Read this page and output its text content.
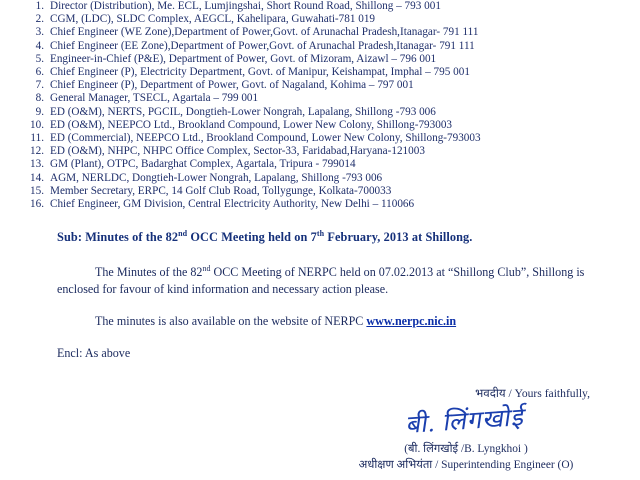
1. Director (Distribution), Me. ECL, Lumjingshai, Short Round Road, Shillong – 793 001
2. CGM, (LDC), SLDC Complex, AEGCL, Kahelipara, Guwahati-781 019
3. Chief Engineer (WE Zone),Department of Power,Govt. of Arunachal Pradesh,Itanagar- 791 111
4. Chief Engineer (EE Zone),Department of Power,Govt. of Arunachal Pradesh,Itanagar- 791 111
5. Engineer-in-Chief (P&E), Department of Power, Govt. of Mizoram, Aizawl – 796 001
6. Chief Engineer (P), Electricity Department, Govt. of Manipur, Keishampat, Imphal – 795 001
7. Chief Engineer (P), Department of Power, Govt. of Nagaland, Kohima – 797 001
8. General Manager, TSECL, Agartala – 799 001
9. ED (O&M), NERTS, PGCIL, Dongtieh-Lower Nongrah, Lapalang, Shillong -793 006
10. ED (O&M), NEEPCO Ltd., Brookland Compound, Lower New Colony, Shillong-793003
11. ED (Commercial), NEEPCO Ltd., Brookland Compound, Lower New Colony, Shillong-793003
12. ED (O&M), NHPC, NHPC Office Complex, Sector-33, Faridabad,Haryana-121003
13. GM (Plant), OTPC, Badarghat Complex, Agartala, Tripura - 799014
14. AGM, NERLDC, Dongtieh-Lower Nongrah, Lapalang, Shillong -793 006
15. Member Secretary, ERPC, 14 Golf Club Road, Tollygunge, Kolkata-700033
16. Chief Engineer, GM Division, Central Electricity Authority, New Delhi – 110066
Sub: Minutes of the 82nd OCC Meeting held on 7th February, 2013 at Shillong.

The Minutes of the 82nd OCC Meeting of NERPC held on 07.02.2013 at “Shillong Club”, Shillong is enclosed for favour of kind information and necessary action please.

The minutes is also available on the website of NERPC www.nerpc.nic.in

Encl: As above
भवदीय / Yours faithfully,
बी. लिंगखोई
(बी. लिंगखोई /B. Lyngkhoi )
अधीक्षण अभियंता / Superintending Engineer (O)
